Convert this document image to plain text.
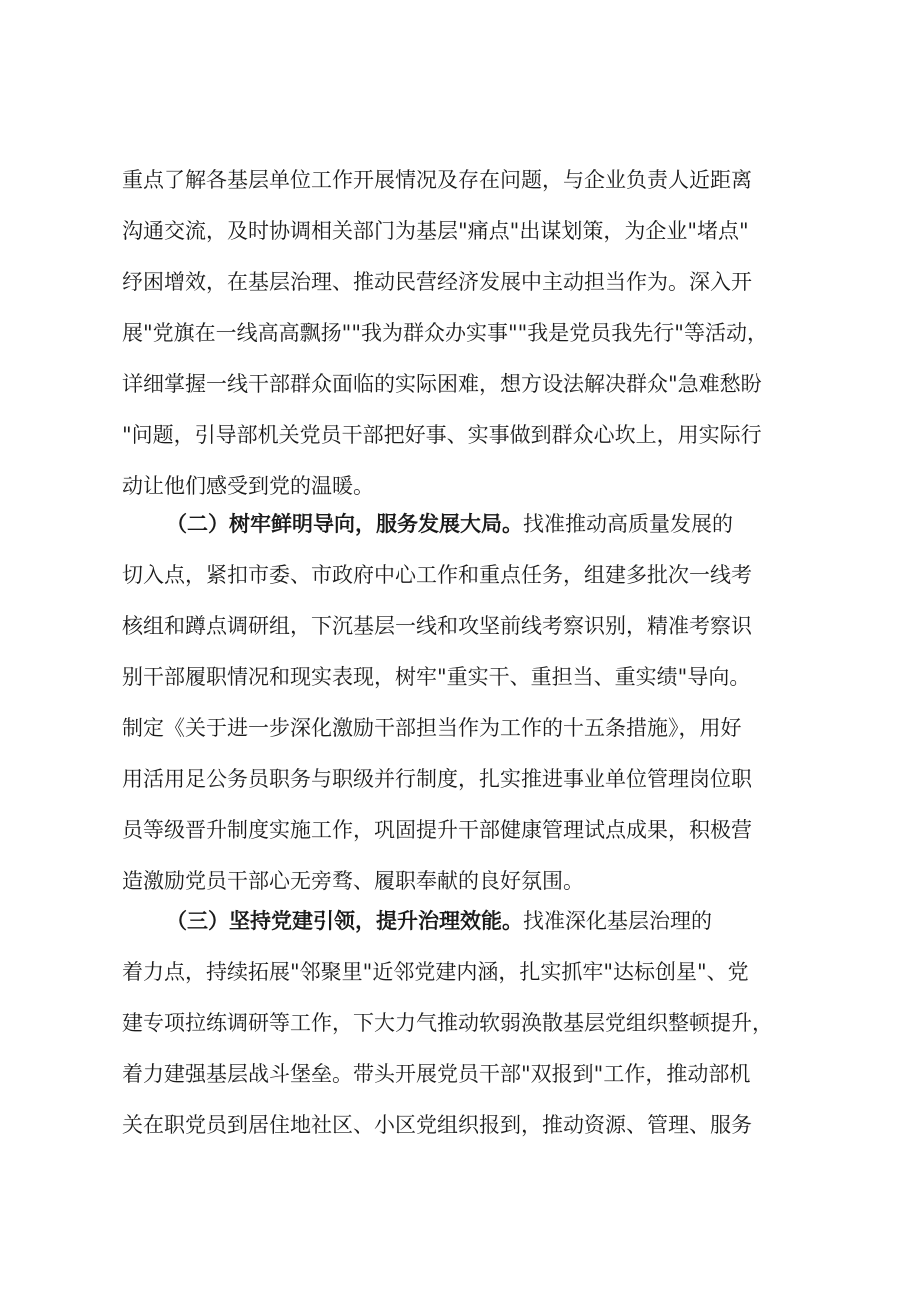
重点了解各基层单位工作开展情况及存在问题，与企业负责人近距离
沟通交流，及时协调相关部门为基层"痛点"出谋划策，为企业"堵点"
纾困增效，在基层治理、推动民营经济发展中主动担当作为。深入开
展"党旗在一线高高飘扬""我为群众办实事""我是党员我先行"等活动，
详细掌握一线干部群众面临的实际困难，想方设法解决群众"急难愁盼
"问题，引导部机关党员干部把好事、实事做到群众心坎上，用实际行
动让他们感受到党的温暖。
（二）树牢鲜明导向，服务发展大局。找准推动高质量发展的
切入点，紧扣市委、市政府中心工作和重点任务，组建多批次一线考
核组和蹲点调研组，下沉基层一线和攻坚前线考察识别，精准考察识
别干部履职情况和现实表现，树牢"重实干、重担当、重实绩"导向。
制定《关于进一步深化激励干部担当作为工作的十五条措施》，用好
用活用足公务员职务与职级并行制度，扎实推进事业单位管理岗位职
员等级晋升制度实施工作，巩固提升干部健康管理试点成果，积极营
造激励党员干部心无旁骛、履职奉献的良好氛围。
（三）坚持党建引领，提升治理效能。找准深化基层治理的
着力点，持续拓展"邻聚里"近邻党建内涵，扎实抓牢"达标创星"、党
建专项拉练调研等工作，下大力气推动软弱涣散基层党组织整顿提升，
着力建强基层战斗堡垒。带头开展党员干部"双报到"工作，推动部机
关在职党员到居住地社区、小区党组织报到，推动资源、管理、服务
